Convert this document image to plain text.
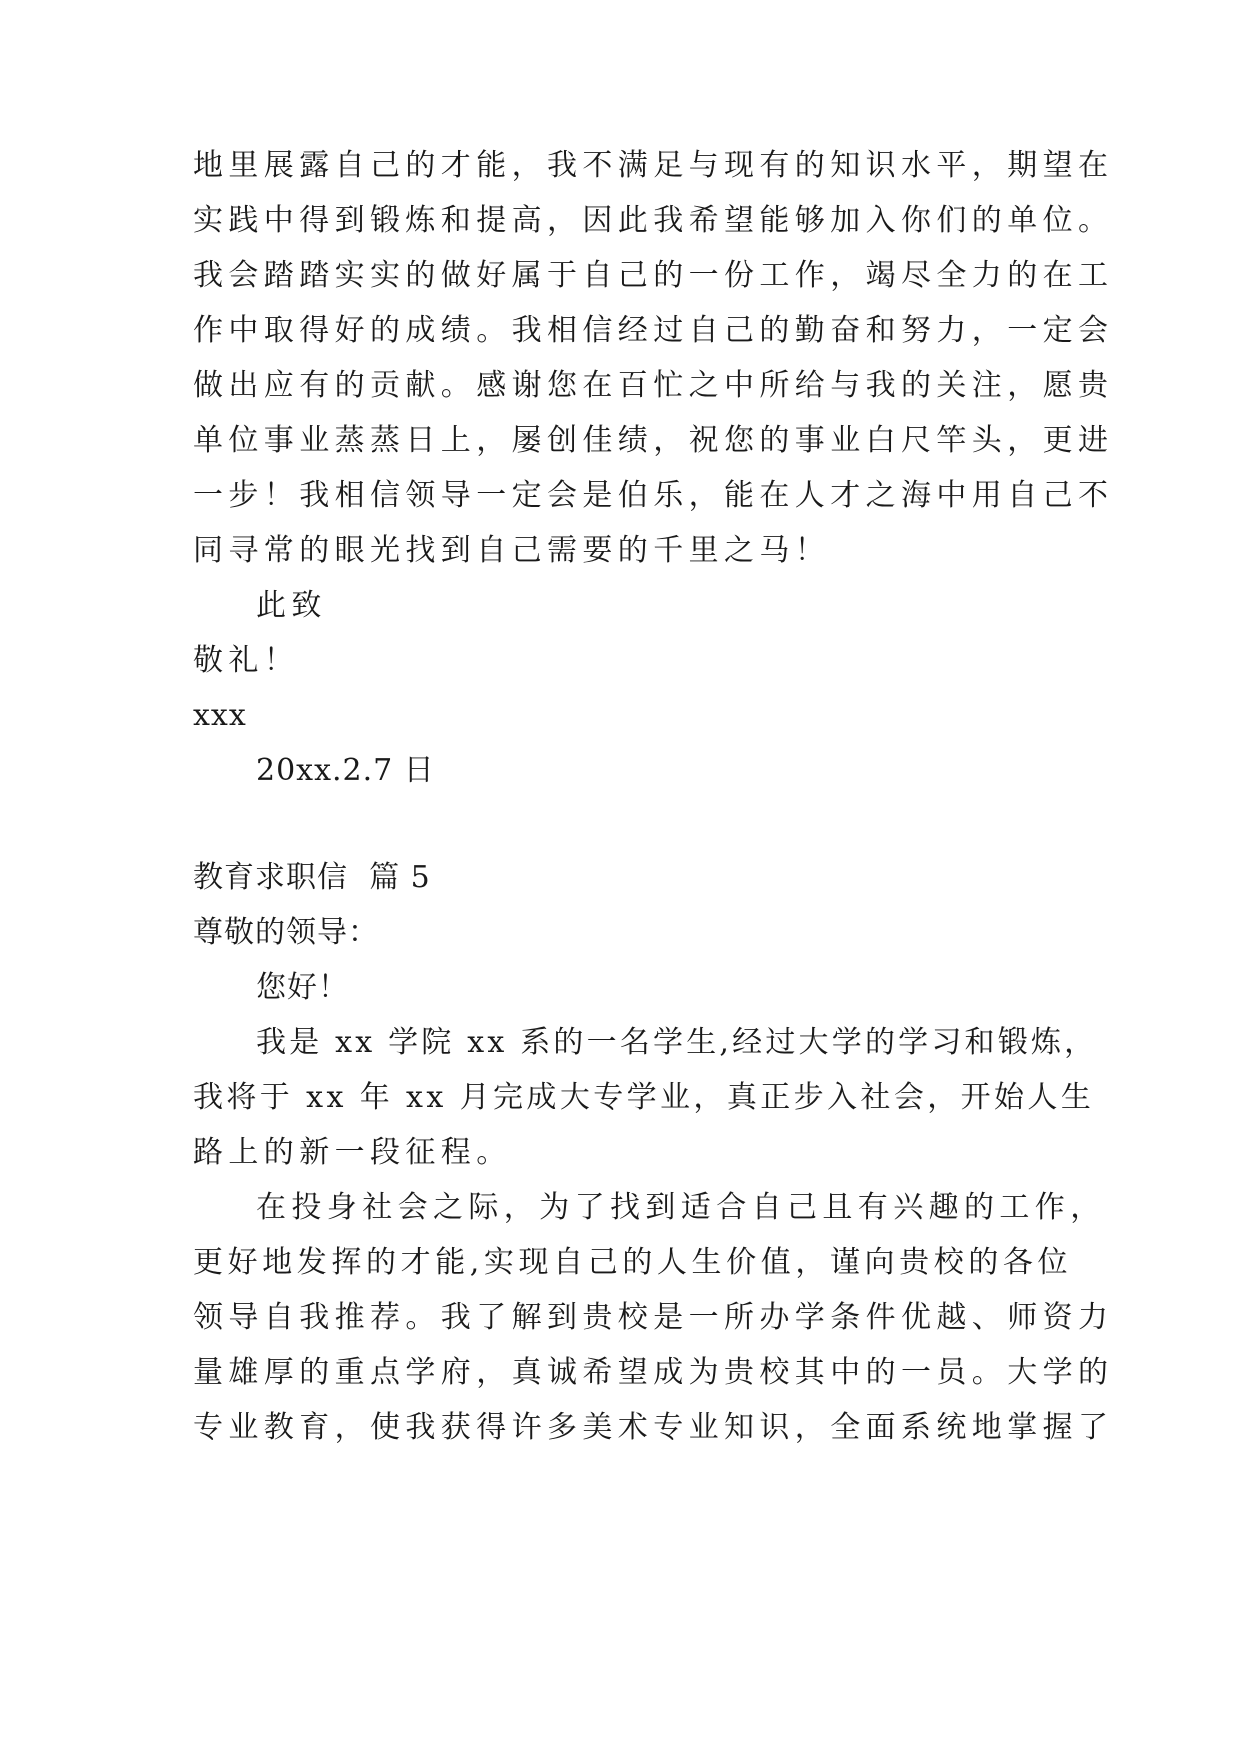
地里展露自己的才能，我不满足与现有的知识水平，期望在
实践中得到锻炼和提高，因此我希望能够加入你们的单位。
我会踏踏实实的做好属于自己的一份工作，竭尽全力的在工
作中取得好的成绩。我相信经过自己的勤奋和努力，一定会
做出应有的贡献。感谢您在百忙之中所给与我的关注，愿贵
单位事业蒸蒸日上，屡创佳绩，祝您的事业白尺竿头，更进
一步！我相信领导一定会是伯乐，能在人才之海中用自己不
同寻常的眼光找到自己需要的千里之马！
此致
敬礼！
xxx
20xx.2.7 日
教育求职信  篇 5
尊敬的领导：
您好！
我是 xx 学院 xx 系的一名学生,经过大学的学习和锻炼，
我将于 xx 年 xx 月完成大专学业，真正步入社会，开始人生
路上的新一段征程。
在投身社会之际，为了找到适合自己且有兴趣的工作，
更好地发挥的才能,实现自己的人生价值，谨向贵校的各位
领导自我推荐。我了解到贵校是一所办学条件优越、师资力
量雄厚的重点学府，真诚希望成为贵校其中的一员。大学的
专业教育，使我获得许多美术专业知识，全面系统地掌握了
